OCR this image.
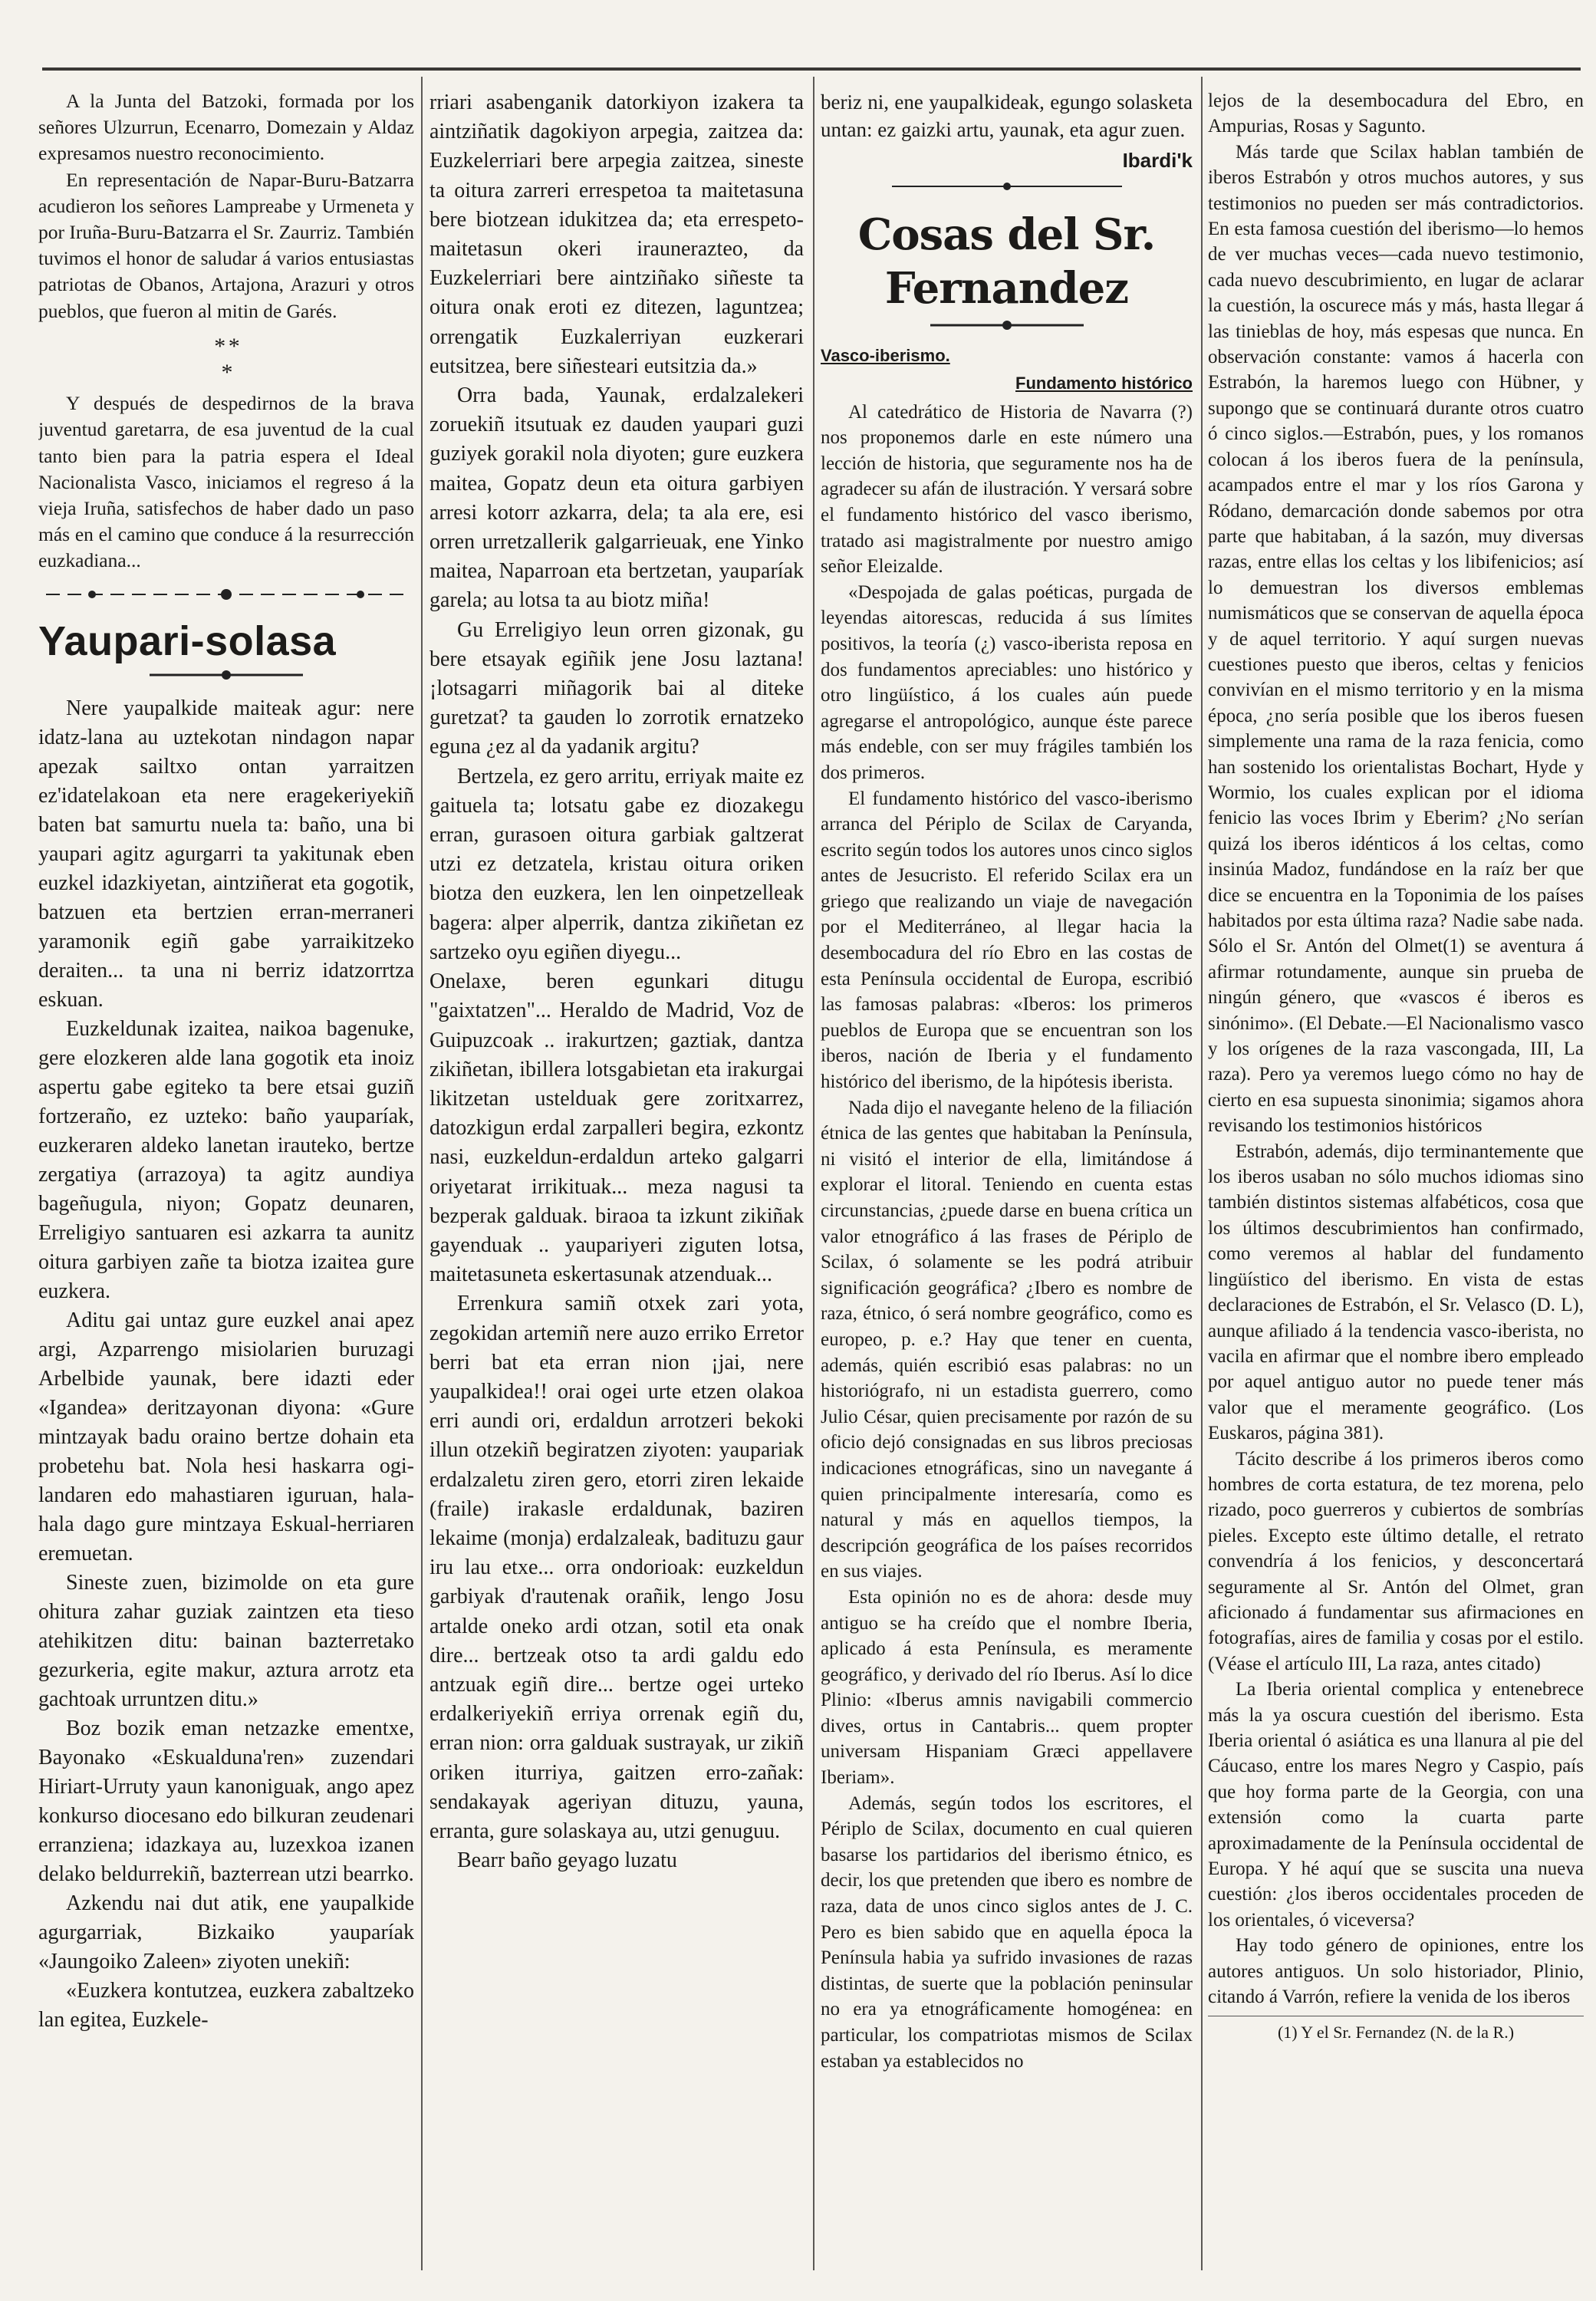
A la Junta del Batzoki, formada por los señores Ulzurrun, Ecenarro, Domezain y Aldaz expresamos nuestro reconocimiento.

En representación de Napar-Buru-Batzarra acudieron los señores Lampreabe y Urmeneta y por Iruña-Buru-Batzarra el Sr. Zaurriz. También tuvimos el honor de saludar á varios entusiastas patriotas de Obanos, Artajona, Arazuri y otros pueblos, que fueron al mitin de Garés.

* *
*

Y después de despedirnos de la brava juventud garetarra, de esa juventud de la cual tanto bien para la patria espera el Ideal Nacionalista Vasco, iniciamos el regreso á la vieja Iruña, satisfechos de haber dado un paso más en el camino que conduce á la resurrección euzkadiana...

Yaupari-solasa

Nere yaupalkide maiteak agur: nere idatz-lana au uztekotan nindagon napar apezak sailtxo ontan yarraitzen ez'idatelakoan eta nere eragekeriyekiñ baten bat samurtu nuela ta: baño, una bi yaupari agitz agurgarri ta yakitunak eben euzkel idazkiyetan, aintziñerat eta gogotik, batzuen eta bertzien erran-merraneri yaramonik egiñ gabe yarraikitzeko deraiten... ta una ni berriz idatzorrtza eskuan.

Euzkeldunak izaitea, naikoa bagenuke, gere elozkeren alde lana gogotik eta inoiz aspertu gabe egiteko ta bere etsai guziñ fortzeraño, ez uzteko: baño yauparíak, euzkeraren aldeko lanetan irauteko, bertze zergatiya (arrazoya) ta agitz aundiya bageñugula, niyon; Gopatz deunaren, Erreligiyo santuaren esi azkarra ta aunitz oitura garbiyen zañe ta biotza izaitea gure euzkera.

Aditu gai untaz gure euzkel anai apez argi, Azparrengo misiolarien buruzagi Arbelbide yaunak, bere idazti eder «Igandea» deritzayonan diyona: «Gure mintzayak badu oraino bertze dohain eta probetehu bat. Nola hesi haskarra ogi-landaren edo mahastiaren iguruan, hala-hala dago gure mintzaya Eskual-herriaren eremuetan.

Sineste zuen, bizimolde on eta gure ohitura zahar guziak zaintzen eta tieso atehikitzen ditu: bainan bazterretako gezurkeria, egite makur, aztura arrotz eta gachtoak urruntzen ditu.»

Boz bozik eman netzazke ementxe, Bayonako «Eskualduna'ren» zuzendari Hiriart-Urruty yaun kanoniguak, ango apez konkurso diocesano edo bilkuran zeudenari erranziena; idazkaya au, luzexkoa izanen delako beldurrekiñ, bazterrean utzi bearrko.

Azkendu nai dut atik, ene yaupalkide agurgarriak, Bizkaiko yauparíak «Jaungoiko Zaleen» ziyoten unekiñ:

«Euzkera kontutzea, euzkera zabaltzeko lan egitea, Euzkele-

rriari asabenganik datorkiyon izakera ta aintziñatik dagokiyon arpegia, zaitzea da: Euzkelerriari bere arpegia zaitzea, sineste ta oitura zarreri errespetoa ta maitetasuna bere biotzean idukitzea da; eta errespeto-maitetasun okeri iraunerazteo, da Euzkelerriari bere aintziñako siñeste ta oitura onak eroti ez ditezen, laguntzea; orrengatik Euzkalerriyan euzkerari eutsitzea, bere siñesteari eutsitzia da.»

Orra bada, Yaunak, erdalzalekeri zoruekiñ itsutuak ez dauden yaupari guzi guziyek gorakil nola diyoten; gure euzkera maitea, Gopatz deun eta oitura garbiyen arresi kotorr azkarra, dela; ta ala ere, esi orren urretzallerik galgarrieuak, ene Yinko maitea, Naparroan eta bertzetan, yauparíak garela; au lotsa ta au biotz miña!

Gu Erreligiyo leun orren gizonak, gu bere etsayak egiñik jene Josu laztana! ¡lotsagarri miñagorik bai al diteke guretzat? ta gauden lo zorrotik ernatzeko eguna ¿ez al da yadanik argitu?

Bertzela, ez gero arritu, erriyak maite ez gaituela ta; lotsatu gabe ez diozakegu erran, gurasoen oitura garbiak galtzerat utzi ez detzatela, kristau oitura oriken biotza den euzkera, len len oinpetzelleak bagera: alper alperrik, dantza zikiñetan ez sartzeko oyu egiñen diyegu...

Onelaxe, beren egunkari ditugu "gaixtatzen"... Heraldo de Madrid, Voz de Guipuzcoak .. irakurtzen; gaztiak, dantza zikiñetan, ibillera lotsgabietan eta irakurgai likitzetan ustelduak gere zoritxarrez, datozkigun erdal zarpalleri begira, ezkontz nasi, euzkeldun-erdaldun arteko galgarri oriyetarat irrikituak... meza nagusi ta bezperak galduak. biraoa ta izkunt zikiñak gayenduak .. yaupariyeri ziguten lotsa, maitetasuneta eskertasunak atzenduak...

Errenkura samiñ otxek zari yota, zegokidan artemiñ nere auzo erriko Erretor berri bat eta erran nion ¡jai, nere yaupalkidea!! orai ogei urte etzen olakoa erri aundi ori, erdaldun arrotzeri bekoki illun otzekiñ begiratzen ziyoten: yaupariak erdalzaletu ziren gero, etorri ziren lekaide (fraile) irakasle erdaldunak, baziren lekaime (monja) erdalzaleak, badituzu gaur iru lau etxe... orra ondorioak: euzkeldun garbiyak d'rautenak orañik, lengo Josu artalde oneko ardi otzan, sotil eta onak dire... bertzeak otso ta ardi galdu edo antzuak egiñ dire... bertze ogei urteko erdalkeriyekiñ erriya orrenak egiñ du, erran nion: orra galduak sustrayak, ur zikiñ oriken iturriya, gaitzen erro-zañak: sendakayak ageriyan dituzu, yauna, erranta, gure solaskaya au, utzi genuguu.

Bearr baño geyago luzatu

beriz ni, ene yaupalkideak, egungo solasketa untan: ez gaizki artu, yaunak, eta agur zuen.

Ibardi'k
Cosas del Sr. Fernandez
Vasco-iberismo.
Fundamento histórico

Al catedrático de Historia de Navarra (?) nos proponemos darle en este número una lección de historia, que seguramente nos ha de agradecer su afán de ilustración. Y versará sobre el fundamento histórico del vasco iberismo, tratado asi magistralmente por nuestro amigo señor Eleizalde.

«Despojada de galas poéticas, purgada de leyendas aitorescas, reducida á sus límites positivos, la teoría (¿) vasco-iberista reposa en dos fundamentos apreciables: uno histórico y otro lingüístico, á los cuales aún puede agregarse el antropológico, aunque éste parece más endeble, con ser muy frágiles también los dos primeros.

El fundamento histórico del vasco-iberismo arranca del Périplo de Scilax de Caryanda, escrito según todos los autores unos cinco siglos antes de Jesucristo. El referido Scilax era un griego que realizando un viaje de navegación por el Mediterráneo, al llegar hacia la desembocadura del río Ebro en las costas de esta Península occidental de Europa, escribió las famosas palabras: «Iberos: los primeros pueblos de Europa que se encuentran son los iberos, nación de Iberia y el fundamento histórico del iberismo, de la hipótesis iberista.

Nada dijo el navegante heleno de la filiación étnica de las gentes que habitaban la Península, ni visitó el interior de ella, limitándose á explorar el litoral. Teniendo en cuenta estas circunstancias, ¿puede darse en buena crítica un valor etnográfico á las frases de Périplo de Scilax, ó solamente se les podrá atribuir significación geográfica? ¿Ibero es nombre de raza, étnico, ó será nombre geográfico, como es europeo, p. e.? Hay que tener en cuenta, además, quién escribió esas palabras: no un historiógrafo, ni un estadista guerrero, como Julio César, quien precisamente por razón de su oficio dejó consignadas en sus libros preciosas indicaciones etnográficas, sino un navegante á quien principalmente interesaría, como es natural y más en aquellos tiempos, la descripción geográfica de los países recorridos en sus viajes.

Esta opinión no es de ahora: desde muy antiguo se ha creído que el nombre Iberia, aplicado á esta Península, es meramente geográfico, y derivado del río Iberus. Así lo dice Plinio: «Iberus amnis navigabili commercio dives, ortus in Cantabris... quem propter universam Hispaniam Græci appellavere Iberiam».

Además, según todos los escritores, el Périplo de Scilax, documento en cual quieren basarse los partidarios del iberismo étnico, es decir, los que pretenden que ibero es nombre de raza, data de unos cinco siglos antes de J. C. Pero es bien sabido que en aquella época la Península habia ya sufrido invasiones de razas distintas, de suerte que la población peninsular no era ya etnográficamente homogénea: en particular, los compatriotas mismos de Scilax estaban ya establecidos no

lejos de la desembocadura del Ebro, en Ampurias, Rosas y Sagunto.

Más tarde que Scilax hablan también de iberos Estrabón y otros muchos autores, y sus testimonios no pueden ser más contradictorios. En esta famosa cuestión del iberismo—lo hemos de ver muchas veces—cada nuevo testimonio, cada nuevo descubrimiento, en lugar de aclarar la cuestión, la oscurece más y más, hasta llegar á las tinieblas de hoy, más espesas que nunca. En observación constante: vamos á hacerla con Estrabón, la haremos luego con Hübner, y supongo que se continuará durante otros cuatro ó cinco siglos.—Estrabón, pues, y los romanos colocan á los iberos fuera de la península, acampados entre el mar y los ríos Garona y Ródano, demarcación donde sabemos por otra parte que habitaban, á la sazón, muy diversas razas, entre ellas los celtas y los libifenicios; así lo demuestran los diversos emblemas numismáticos que se conservan de aquella época y de aquel territorio. Y aquí surgen nuevas cuestiones puesto que iberos, celtas y fenicios convivían en el mismo territorio y en la misma época, ¿no sería posible que los iberos fuesen simplemente una rama de la raza fenicia, como han sostenido los orientalistas Bochart, Hyde y Wormio, los cuales explican por el idioma fenicio las voces Ibrim y Eberim? ¿No serían quizá los iberos idénticos á los celtas, como insinúa Madoz, fundándose en la raíz ber que dice se encuentra en la Toponimia de los países habitados por esta última raza? Nadie sabe nada. Sólo el Sr. Antón del Olmet(1) se aventura á afirmar rotundamente, aunque sin prueba de ningún género, que «vascos é iberos es sinónimo». (El Debate.—El Nacionalismo vasco y los orígenes de la raza vascongada, III, La raza). Pero ya veremos luego cómo no hay de cierto en esa supuesta sinonimia; sigamos ahora revisando los testimonios históricos

Estrabón, además, dijo terminantemente que los iberos usaban no sólo muchos idiomas sino también distintos sistemas alfabéticos, cosa que los últimos descubrimientos han confirmado, como veremos al hablar del fundamento lingüístico del iberismo. En vista de estas declaraciones de Estrabón, el Sr. Velasco (D. L), aunque afiliado á la tendencia vasco-iberista, no vacila en afirmar que el nombre ibero empleado por aquel antiguo autor no puede tener más valor que el meramente geográfico. (Los Euskaros, página 381).

Tácito describe á los primeros iberos como hombres de corta estatura, de tez morena, pelo rizado, poco guerreros y cubiertos de sombrías pieles. Excepto este último detalle, el retrato convendría á los fenicios, y desconcertará seguramente al Sr. Antón del Olmet, gran aficionado á fundamentar sus afirmaciones en fotografías, aires de familia y cosas por el estilo. (Véase el artículo III, La raza, antes citado)

La Iberia oriental complica y entenebrece más la ya oscura cuestión del iberismo. Esta Iberia oriental ó asiática es una llanura al pie del Cáucaso, entre los mares Negro y Caspio, país que hoy forma parte de la Georgia, con una extensión como la cuarta parte aproximadamente de la Península occidental de Europa. Y hé aquí que se suscita una nueva cuestión: ¿los iberos occidentales proceden de los orientales, ó viceversa?

Hay todo género de opiniones, entre los autores antiguos. Un solo historiador, Plinio, citando á Varrón, refiere la venida de los iberos

(1) Y el Sr. Fernandez (N. de la R.)
